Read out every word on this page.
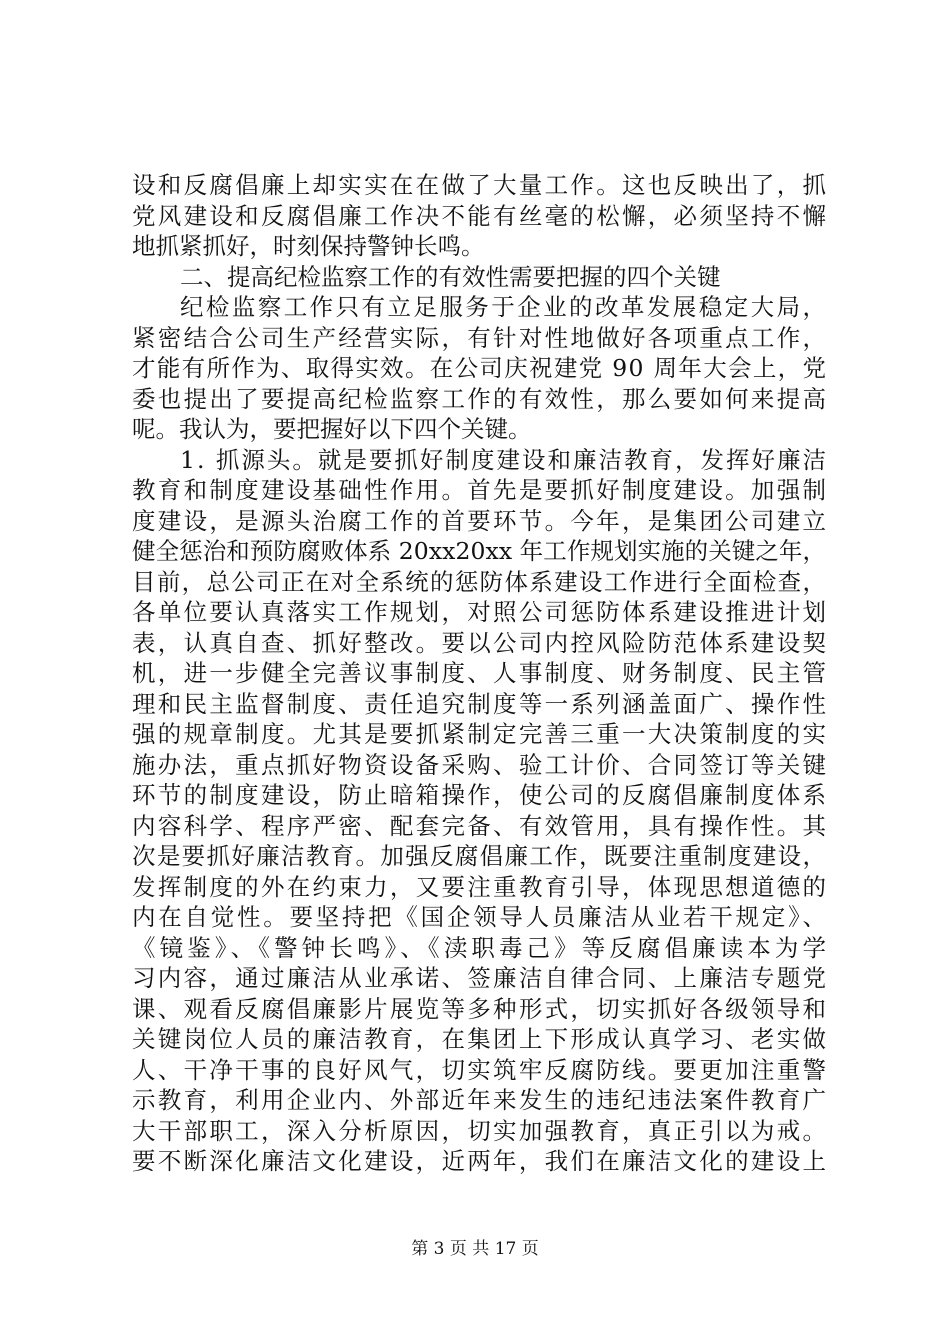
设和反腐倡廉上却实实在在做了大量工作。这也反映出了，抓
党风建设和反腐倡廉工作决不能有丝毫的松懈，必须坚持不懈
地抓紧抓好，时刻保持警钟长鸣。
二、提高纪检监察工作的有效性需要把握的四个关键
纪检监察工作只有立足服务于企业的改革发展稳定大局，
紧密结合公司生产经营实际，有针对性地做好各项重点工作，
才能有所作为、取得实效。在公司庆祝建党 90 周年大会上，党
委也提出了要提高纪检监察工作的有效性，那么要如何来提高
呢。我认为，要把握好以下四个关键。
1. 抓源头。就是要抓好制度建设和廉洁教育，发挥好廉洁
教育和制度建设基础性作用。首先是要抓好制度建设。加强制
度建设，是源头治腐工作的首要环节。今年，是集团公司建立
健全惩治和预防腐败体系 20xx20xx 年工作规划实施的关键之年，
目前，总公司正在对全系统的惩防体系建设工作进行全面检查，
各单位要认真落实工作规划，对照公司惩防体系建设推进计划
表，认真自查、抓好整改。要以公司内控风险防范体系建设契
机，进一步健全完善议事制度、人事制度、财务制度、民主管
理和民主监督制度、责任追究制度等一系列涵盖面广、操作性
强的规章制度。尤其是要抓紧制定完善三重一大决策制度的实
施办法，重点抓好物资设备采购、验工计价、合同签订等关键
环节的制度建设，防止暗箱操作，使公司的反腐倡廉制度体系
内容科学、程序严密、配套完备、有效管用，具有操作性。其
次是要抓好廉洁教育。加强反腐倡廉工作，既要注重制度建设，
发挥制度的外在约束力，又要注重教育引导，体现思想道德的
内在自觉性。要坚持把《国企领导人员廉洁从业若干规定》、
《镜鉴》、《警钟长鸣》、《渎职毒己》等反腐倡廉读本为学
习内容，通过廉洁从业承诺、签廉洁自律合同、上廉洁专题党
课、观看反腐倡廉影片展览等多种形式，切实抓好各级领导和
关键岗位人员的廉洁教育，在集团上下形成认真学习、老实做
人、干净干事的良好风气，切实筑牢反腐防线。要更加注重警
示教育，利用企业内、外部近年来发生的违纪违法案件教育广
大干部职工，深入分析原因，切实加强教育，真正引以为戒。
要不断深化廉洁文化建设，近两年，我们在廉洁文化的建设上
第 3 页 共 17 页
